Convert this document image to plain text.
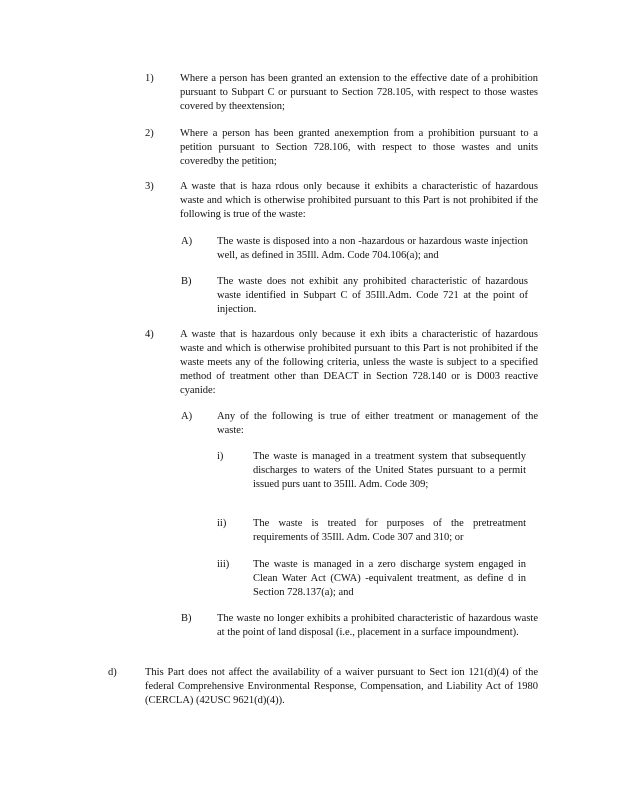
1)	Where a person has been granted an extension to the effective date of a prohibition pursuant to Subpart C or pursuant to Section 728.105, with respect to those wastes covered by theextension;
2)	Where a person has been granted anexemption from a prohibition pursuant to a petition pursuant to Section 728.106, with respect to those wastes and units coveredby the petition;
3)	A waste that is haza rdous only because it exhibits a characteristic of hazardous waste and which is otherwise prohibited pursuant to this Part is not prohibited if the following is true of the waste:
A) The waste is disposed into a non -hazardous or hazardous waste injection well, as defined in 35Ill. Adm. Code 704.106(a); and
B) The waste does not exhibit any prohibited characteristic of hazardous waste identified in Subpart C of 35Ill.Adm. Code 721 at the point of injection.
4)	A waste that is hazardous only because it exh ibits a characteristic of hazardous waste and which is otherwise prohibited pursuant to this Part is not prohibited if the waste meets any of the following criteria, unless the waste is subject to a specified method of treatment other than DEACT in Section 728.140 or is D003 reactive cyanide:
A) Any of the following is true of either treatment or management of the waste:
i)	The waste is managed in a treatment system that subsequently discharges to waters of the United States pursuant to a permit issued purs uant to 35Ill. Adm. Code 309;
ii)	The waste is treated for purposes of the pretreatment requirements of 35Ill. Adm. Code 307 and 310; or
iii) The waste is managed in a zero discharge system engaged in Clean Water Act (CWA) -equivalent treatment, as define d in Section 728.137(a); and
B) The waste no longer exhibits a prohibited characteristic of hazardous waste at the point of land disposal (i.e., placement in a surface impoundment).
d)	This Part does not affect the availability of a waiver pursuant to Sect ion 121(d)(4) of the federal Comprehensive Environmental Response, Compensation, and Liability Act of 1980 (CERCLA) (42USC 9621(d)(4)).
